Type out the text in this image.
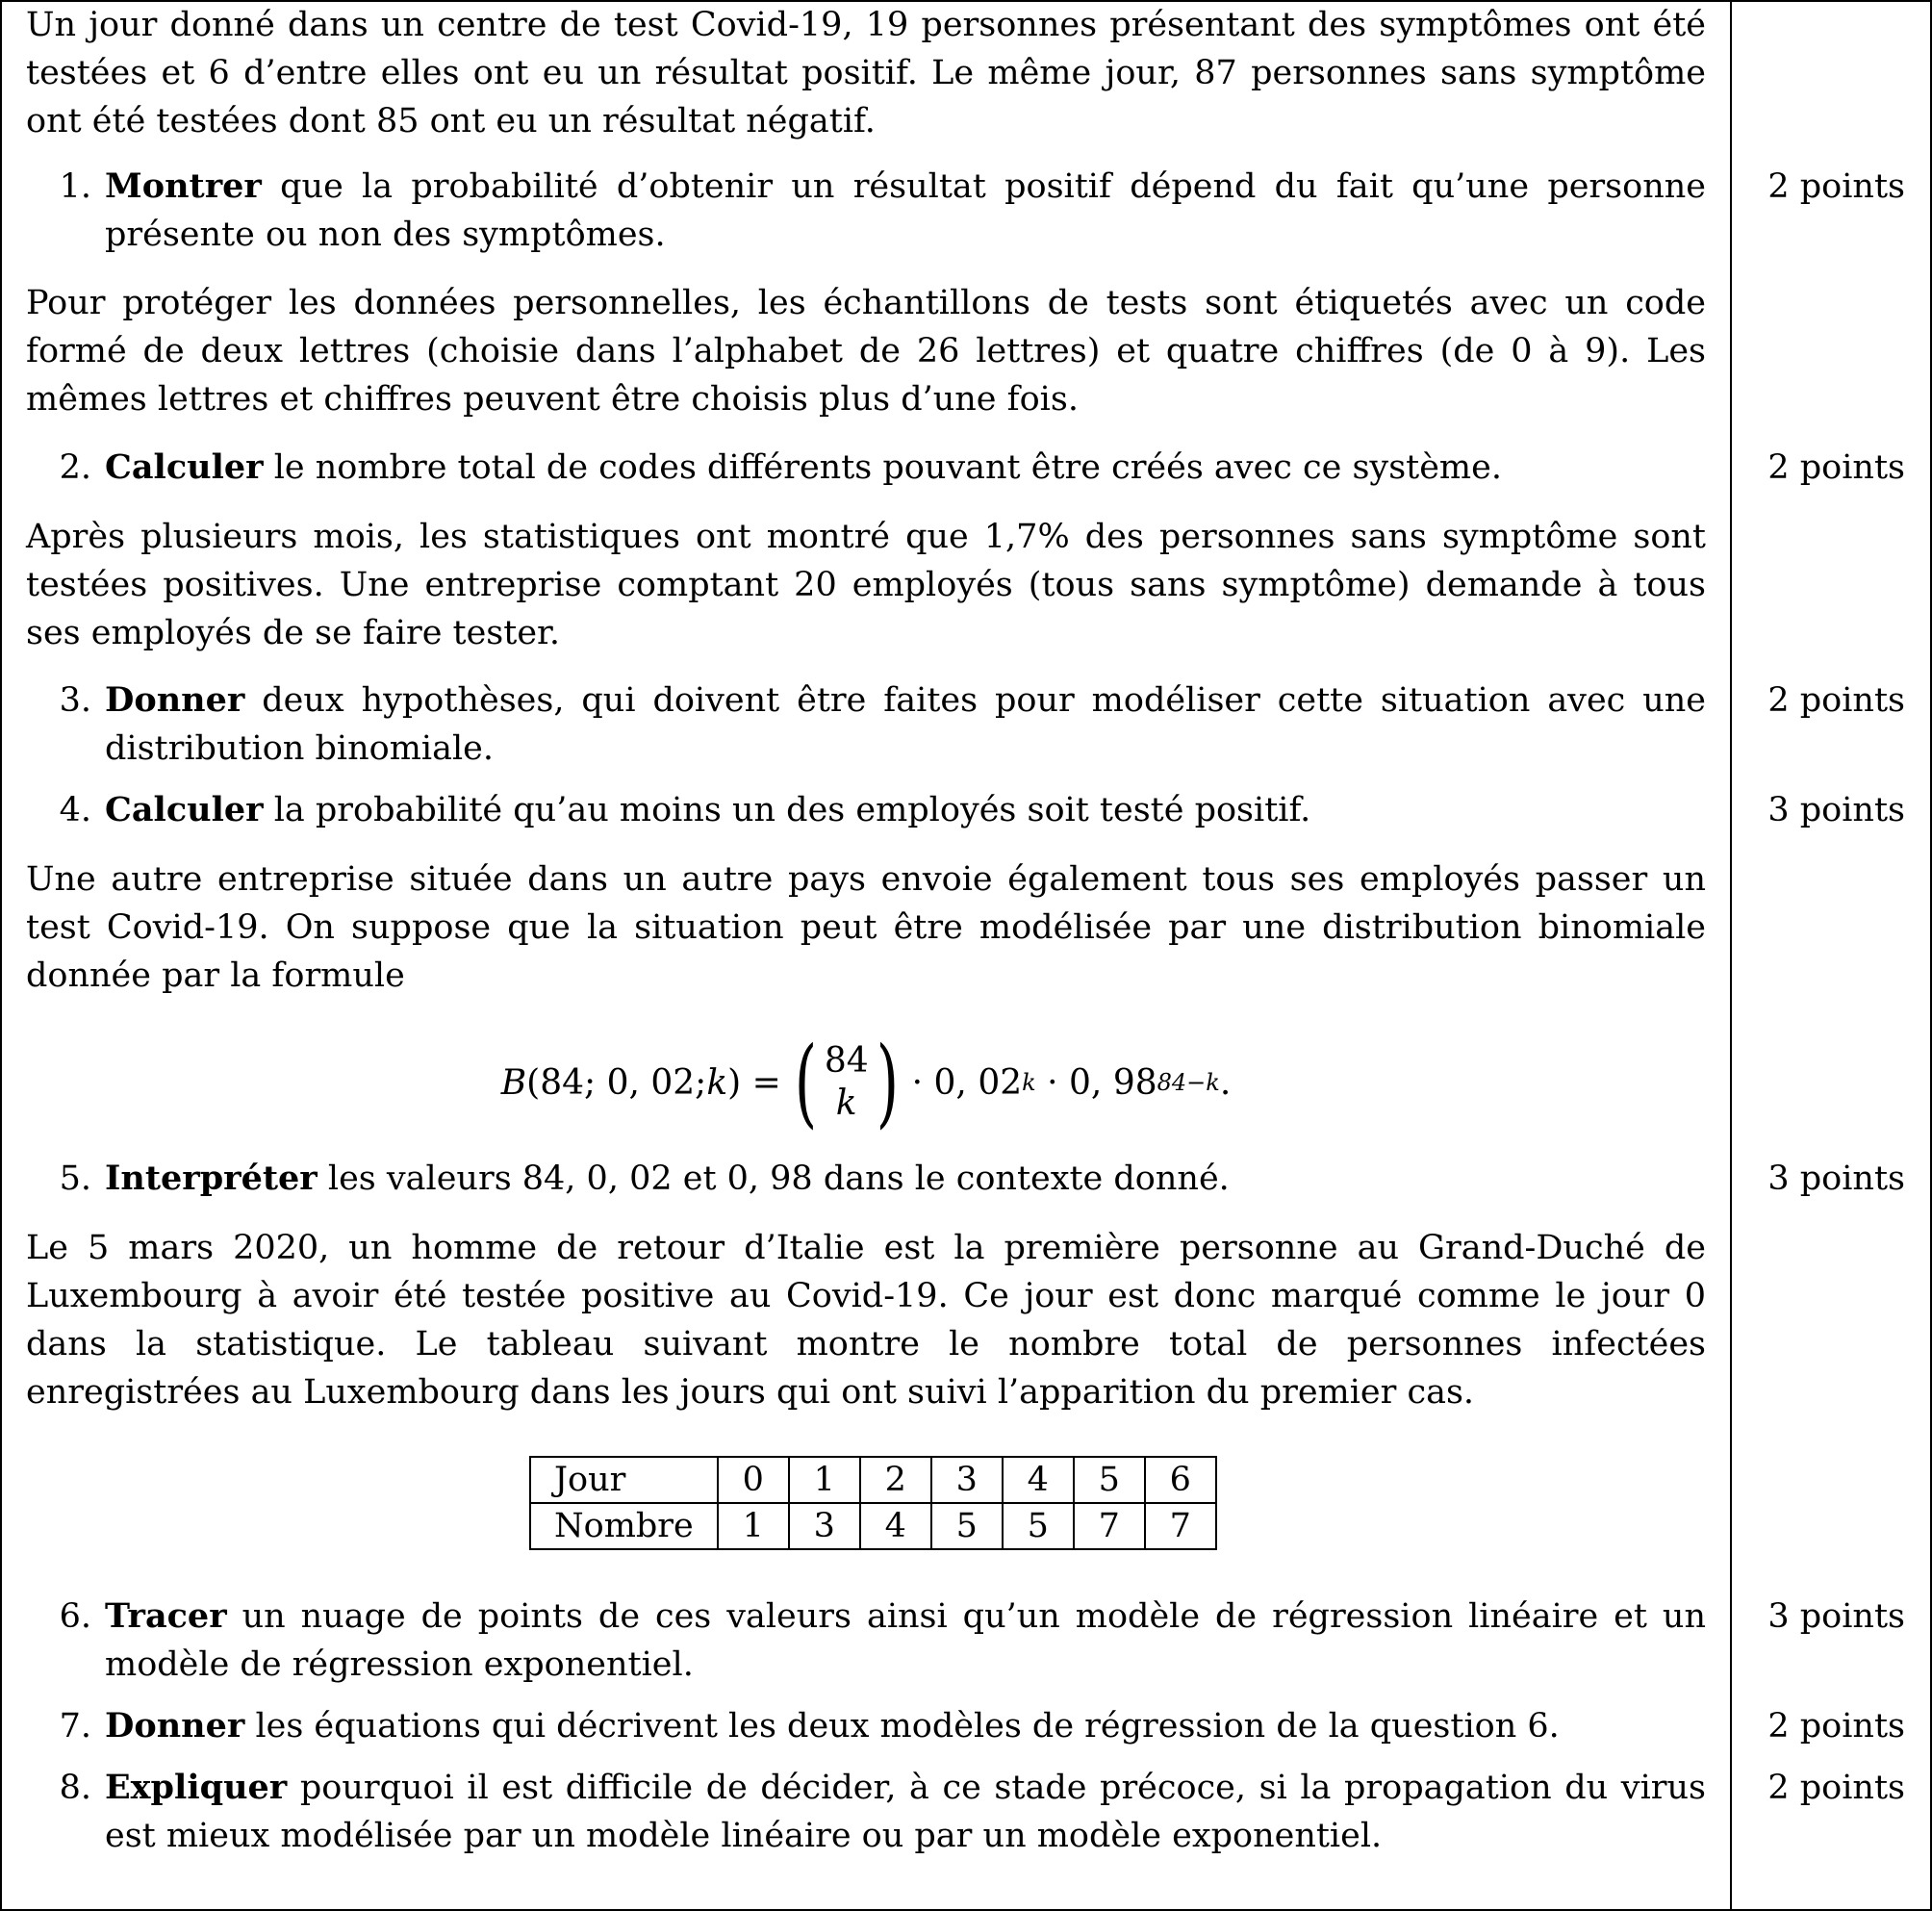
Un jour donné dans un centre de test Covid-19, 19 personnes présentant des symptômes ont été testées et 6 d’entre elles ont eu un résultat positif. Le même jour, 87 personnes sans symptôme ont été testées dont 85 ont eu un résultat négatif.
1. Montrer que la probabilité d’obtenir un résultat positif dépend du fait qu’une personne présente ou non des symptômes.
2 points
Pour protéger les données personnelles, les échantillons de tests sont étiquetés avec un code formé de deux lettres (choisie dans l’alphabet de 26 lettres) et quatre chiffres (de 0 à 9). Les mêmes lettres et chiffres peuvent être choisis plus d’une fois.
2. Calculer le nombre total de codes différents pouvant être créés avec ce système.	2 points
Après plusieurs mois, les statistiques ont montré que 1,7% des personnes sans symptôme sont testées positives. Une entreprise comptant 20 employés (tous sans symptôme) demande à tous ses employés de se faire tester.
3. Donner deux hypothèses, qui doivent être faites pour modéliser cette situation avec une distribution binomiale.
2 points
4. Calculer la probabilité qu’au moins un des employés soit testé positif.	3 points
Une autre entreprise située dans un autre pays envoie également tous ses employés passer un test Covid-19. On suppose que la situation peut être modélisée par une distribution binomiale donnée par la formule
B (84; 0, 02; k ) = ( 84
k ) · 0, 02 k
· 0, 98 84−k .
5. Interpréter les valeurs 84, 0, 02 et 0, 98 dans le contexte donné.	3 points
Le 5 mars 2020, un homme de retour d’Italie est la première personne au Grand-Duché de Luxembourg à avoir été testée positive au Covid-19. Ce jour est donc marqué comme le jour 0 dans la statistique. Le tableau suivant montre le nombre total de personnes infectées enregistrées au Luxembourg dans les jours qui ont suivi l’apparition du premier cas.
Jour	0	1	2	3	4	5	6
Nombre	1	3	4	5	5	7	7
6. Tracer un nuage de points de ces valeurs ainsi qu’un modèle de régression linéaire et un modèle de régression exponentiel.
3 points
7. Donner les équations qui décrivent les deux modèles de régression de la question 6.	2 points
8. Expliquer pourquoi il est difficile de décider, à ce stade précoce, si la propagation du virus est mieux modélisée par un modèle linéaire ou par un modèle exponentiel.
2 points
